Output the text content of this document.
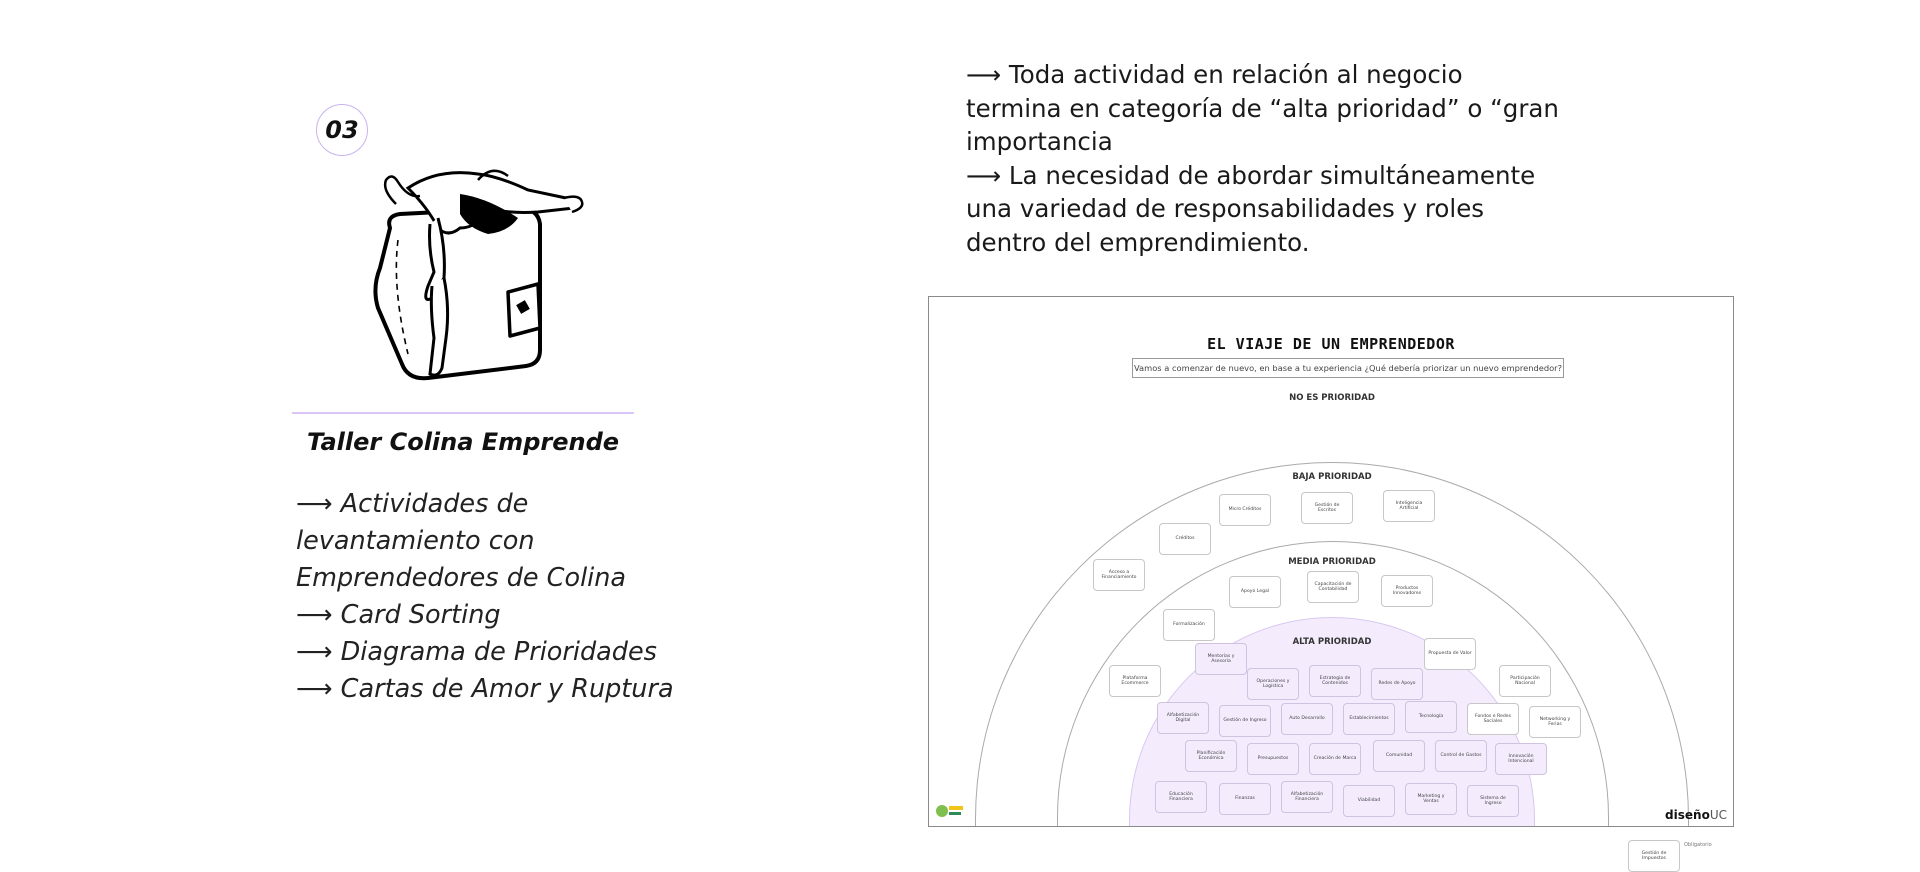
03
Taller Colina Emprende
⟶ Actividades de
levantamiento con
Emprendedores de Colina
⟶ Card Sorting
⟶ Diagrama de Prioridades
⟶ Cartas de Amor y Ruptura
⟶ Toda actividad en relación al negocio
termina en categoría de “alta prioridad” o “gran
importancia
⟶ La necesidad de abordar simultáneamente
una variedad de responsabilidades y roles
dentro del emprendimiento.
EL VIAJE DE UN EMPRENDEDOR
Vamos a comenzar de nuevo, en base a tu experiencia ¿Qué debería priorizar un nuevo emprendedor?
NO ES PRIORIDAD
BAJA PRIORIDAD
MEDIA PRIORIDAD
ALTA PRIORIDAD
Micro Créditos
Gestión de Escritos
Inteligencia Artificial
Créditos
Acceso a Financiamiento
Apoyo Legal
Capacitación de Contabilidad	Productos Innovadores
Formalización
Mentorías y Asesoría
Propuesta de Valor
Plataforma Ecommerce	Operaciones y Logística
Estrategia de Contenidos	Redes de Apoyo
Participación Nacional
Alfabetización Digital	Gestión de Ingreso	Auto Desarrollo	Establecimientos	Tecnología	Fondos e Redes Sociales	Networking y Ferias
Planificación Económica	Presupuestos	Creación de Marca
Comunidad	Control de Gastos	Innovación Intencional
Educación Financiera	Finanzas
Alfabetización Financiera	Viabilidad
Marketing y Ventas
Sistema de Ingreso
diseñoUC
Gestión de Impuestos
Obligatorio
